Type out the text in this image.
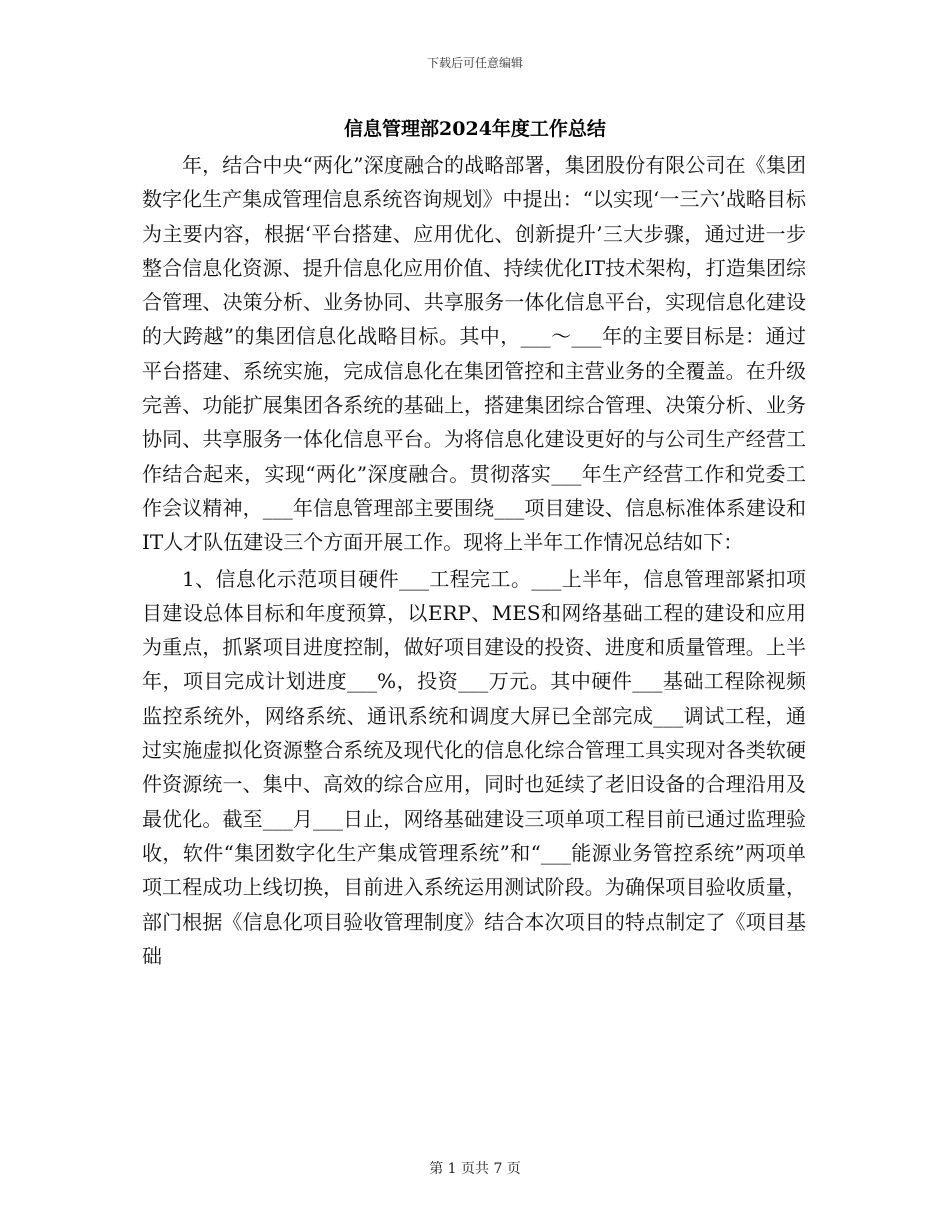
下载后可任意编辑
信息管理部2024年度工作总结

年，结合中央“两化”深度融合的战略部署，集团股份有限公司在《集团数字化生产集成管理信息系统咨询规划》中提出：“以实现‘一三六’战略目标为主要内容，根据‘平台搭建、应用优化、创新提升’三大步骤，通过进一步整合信息化资源、提升信息化应用价值、持续优化IT技术架构，打造集团综合管理、决策分析、业务协同、共享服务一体化信息平台，实现信息化建设的大跨越”的集团信息化战略目标。其中，___～___年的主要目标是：通过平台搭建、系统实施，完成信息化在集团管控和主营业务的全覆盖。在升级完善、功能扩展集团各系统的基础上，搭建集团综合管理、决策分析、业务协同、共享服务一体化信息平台。为将信息化建设更好的与公司生产经营工作结合起来，实现“两化”深度融合。贯彻落实___年生产经营工作和党委工作会议精神，___年信息管理部主要围绕___项目建设、信息标准体系建设和IT人才队伍建设三个方面开展工作。现将上半年工作情况总结如下：

1、信息化示范项目硬件___工程完工。___上半年，信息管理部紧扣项目建设总体目标和年度预算，以ERP、MES和网络基础工程的建设和应用为重点，抓紧项目进度控制，做好项目建设的投资、进度和质量管理。上半年，项目完成计划进度___%，投资___万元。其中硬件___基础工程除视频监控系统外，网络系统、通讯系统和调度大屏已全部完成___调试工程，通过实施虚拟化资源整合系统及现代化的信息化综合管理工具实现对各类软硬件资源统一、集中、高效的综合应用，同时也延续了老旧设备的合理沿用及最优化。截至___月___日止，网络基础建设三项单项工程目前已通过监理验收，软件“集团数字化生产集成管理系统”和“___能源业务管控系统”两项单项工程成功上线切换，目前进入系统运用测试阶段。为确保项目验收质量，部门根据《信息化项目验收管理制度》结合本次项目的特点制定了《项目基础

第 1 页共 7 页
